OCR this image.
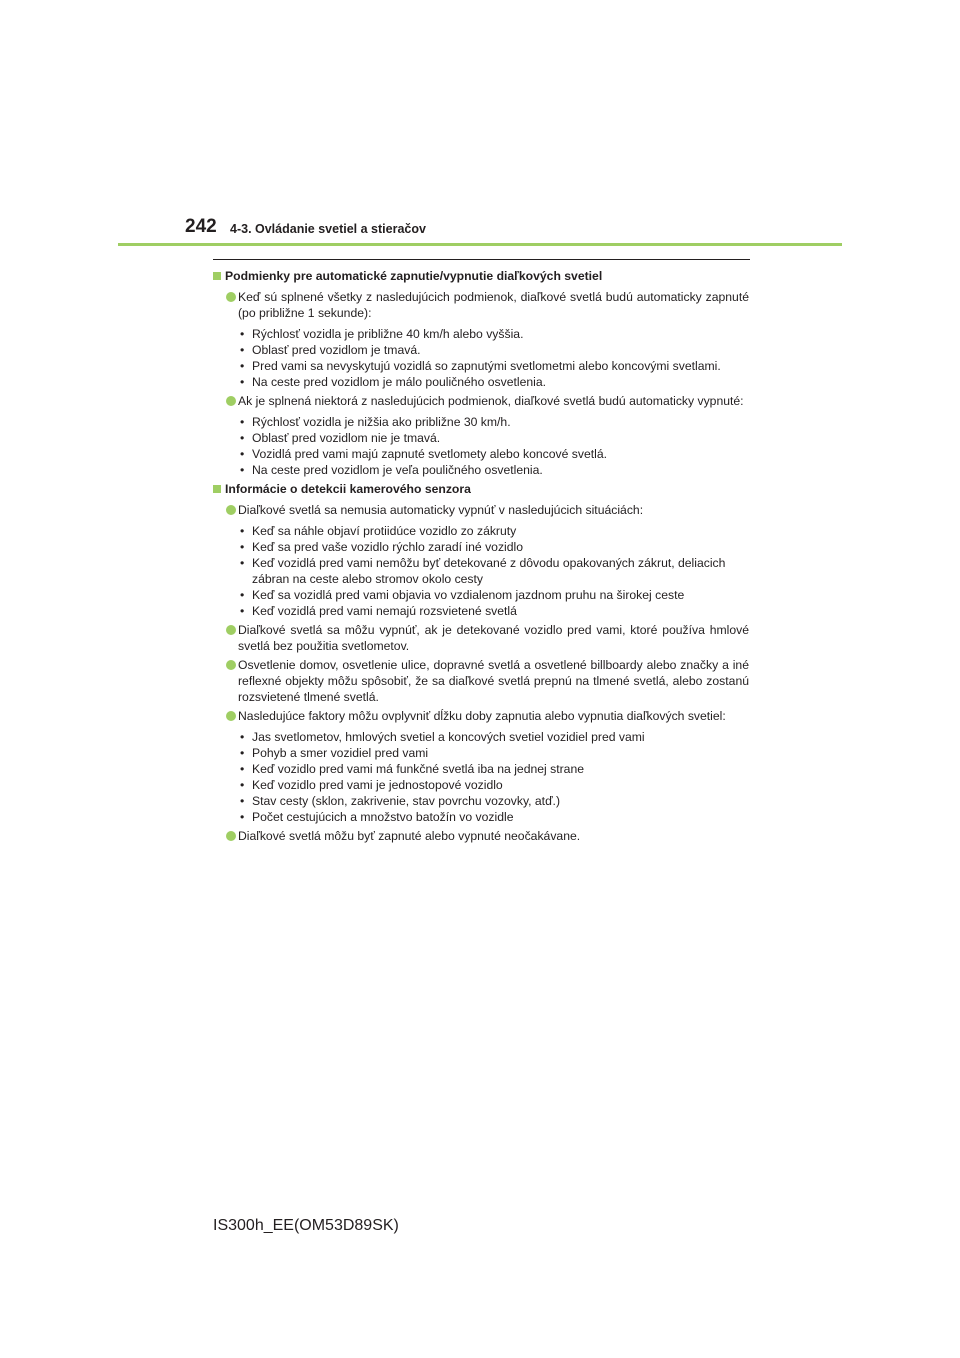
242 4-3. Ovládanie svetiel a stieračov
Podmienky pre automatické zapnutie/vypnutie diaľkových svetiel
Keď sú splnené všetky z nasledujúcich podmienok, diaľkové svetlá budú automaticky zapnuté (po približne 1 sekunde):
• Rýchlosť vozidla je približne 40 km/h alebo vyššia.
• Oblasť pred vozidlom je tmavá.
• Pred vami sa nevyskytujú vozidlá so zapnutými svetlometmi alebo koncovými svetlami.
• Na ceste pred vozidlom je málo pouličného osvetlenia.
Ak je splnená niektorá z nasledujúcich podmienok, diaľkové svetlá budú automaticky vypnuté:
• Rýchlosť vozidla je nižšia ako približne 30 km/h.
• Oblasť pred vozidlom nie je tmavá.
• Vozidlá pred vami majú zapnuté svetlomety alebo koncové svetlá.
• Na ceste pred vozidlom je veľa pouličného osvetlenia.
Informácie o detekcii kamerového senzora
Diaľkové svetlá sa nemusia automaticky vypnúť v nasledujúcich situáciách:
• Keď sa náhle objaví protiidúce vozidlo zo zákruty
• Keď sa pred vaše vozidlo rýchlo zaradí iné vozidlo
• Keď vozidlá pred vami nemôžu byť detekované z dôvodu opakovaných zákrut, deliacich zábran na ceste alebo stromov okolo cesty
• Keď sa vozidlá pred vami objavia vo vzdialenom jazdnom pruhu na širokej ceste
• Keď vozidlá pred vami nemajú rozsvietené svetlá
Diaľkové svetlá sa môžu vypnúť, ak je detekované vozidlo pred vami, ktoré používa hmlové svetlá bez použitia svetlometov.
Osvetlenie domov, osvetlenie ulice, dopravné svetlá a osvetlené billboardy alebo značky a iné reflexné objekty môžu spôsobiť, že sa diaľkové svetlá prepnú na tlmené svetlá, alebo zostanú rozsvietené tlmené svetlá.
Nasledujúce faktory môžu ovplyvniť dĺžku doby zapnutia alebo vypnutia diaľkových svetiel:
• Jas svetlometov, hmlových svetiel a koncových svetiel vozidiel pred vami
• Pohyb a smer vozidiel pred vami
• Keď vozidlo pred vami má funkčné svetlá iba na jednej strane
• Keď vozidlo pred vami je jednostopové vozidlo
• Stav cesty (sklon, zakrivenie, stav povrchu vozovky, atď.)
• Počet cestujúcich a množstvo batožín vo vozidle
Diaľkové svetlá môžu byť zapnuté alebo vypnuté neočakávane.
IS300h_EE(OM53D89SK)
